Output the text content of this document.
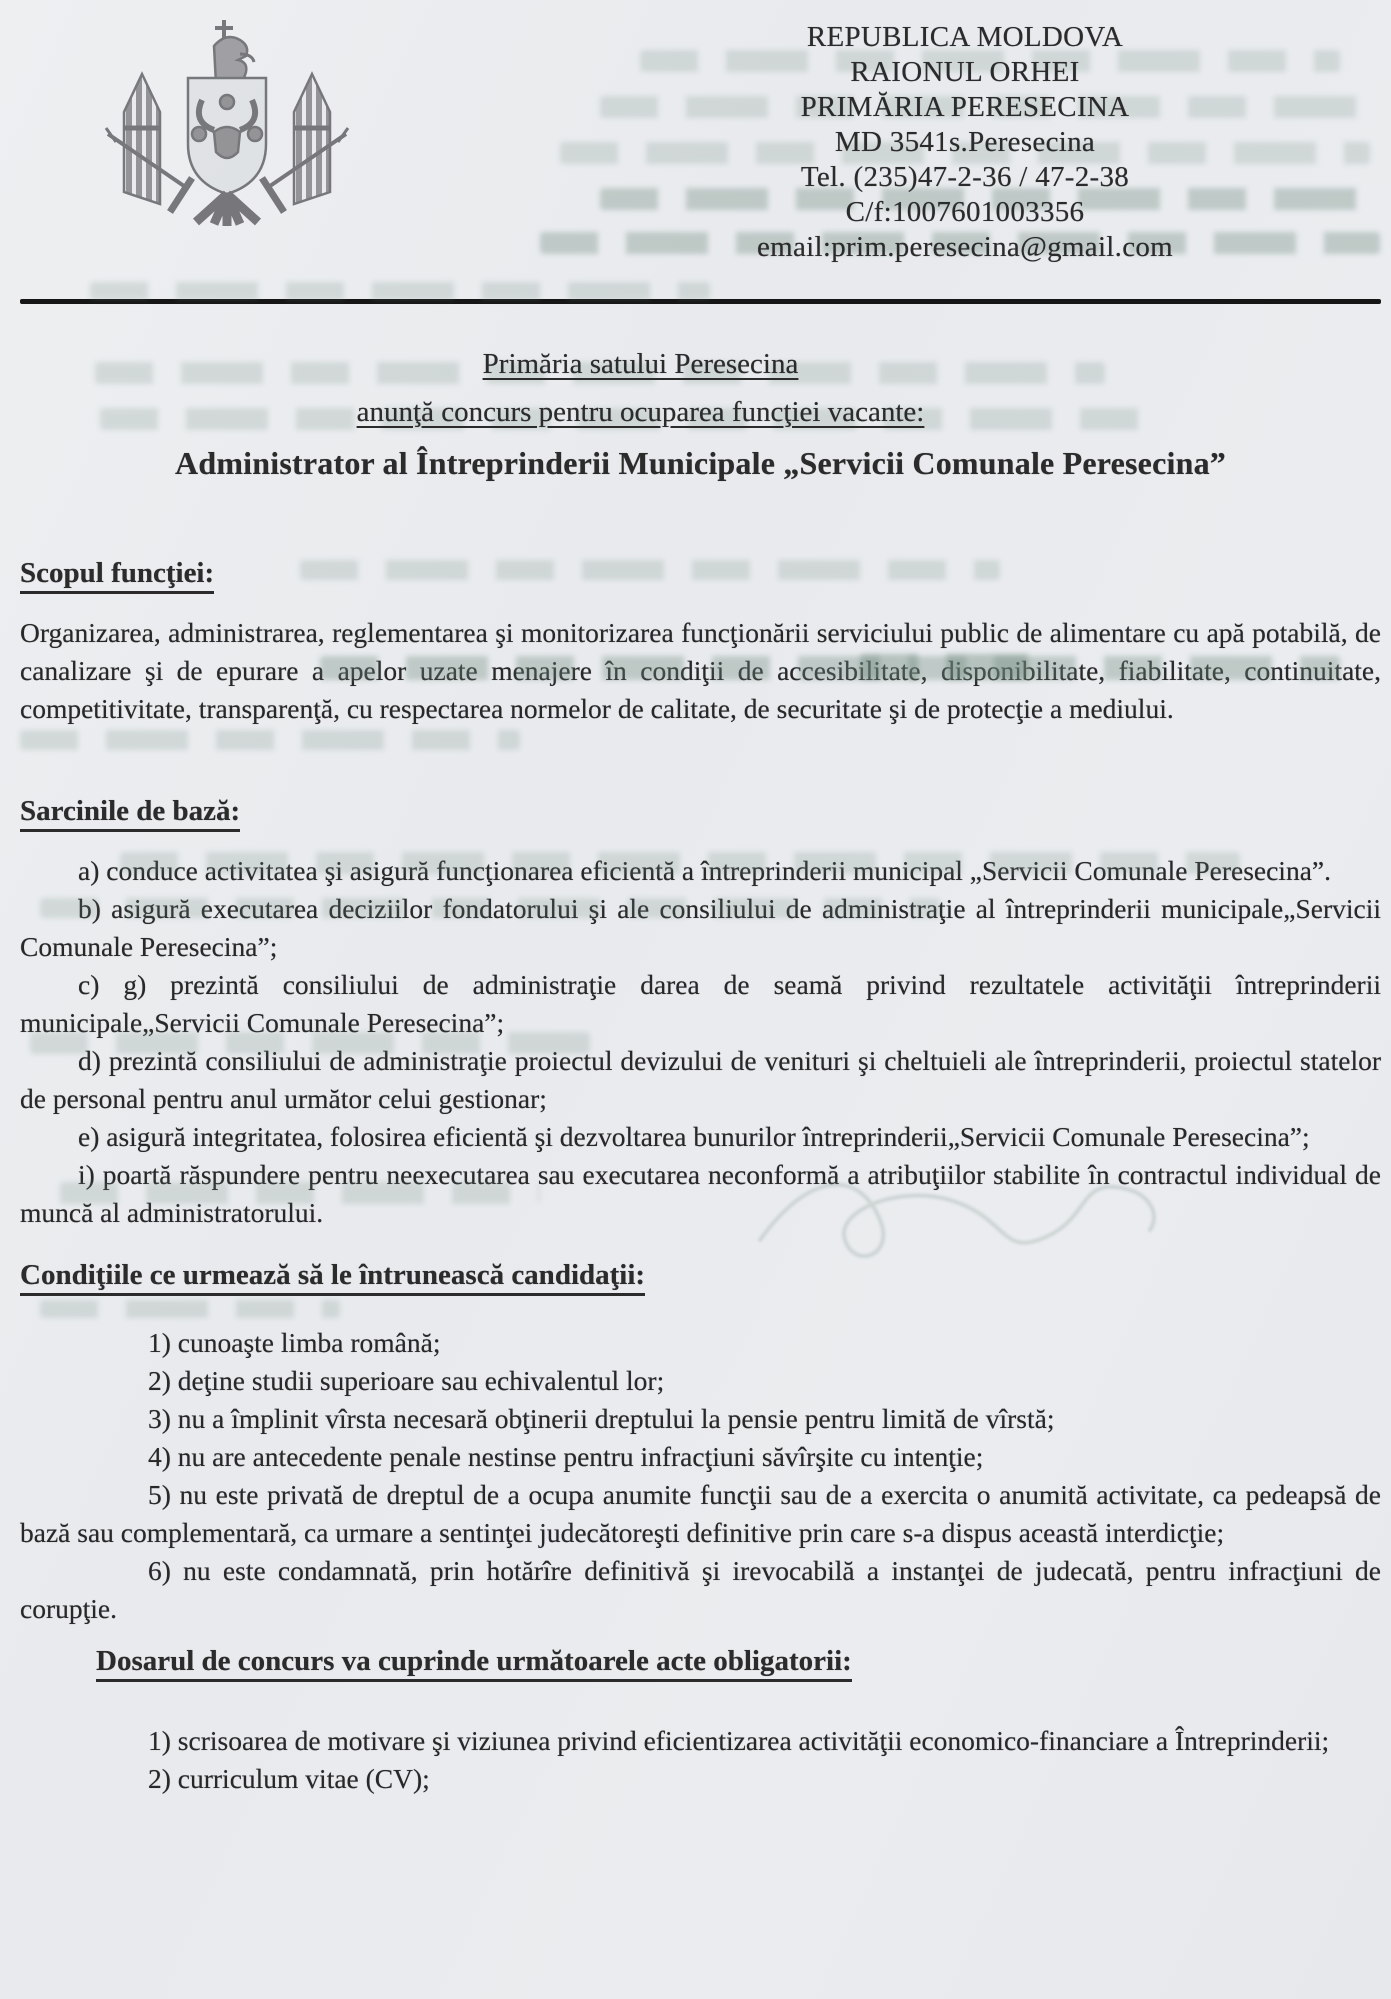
REPUBLICA MOLDOVA
RAIONUL ORHEI
PRIMĂRIA PERESECINA
MD 3541s.Peresecina
Tel. (235)47-2-36 / 47-2-38
C/f:1007601003356
email:prim.peresecina@gmail.com
Primăria satului Peresecina
anunţă concurs pentru ocuparea funcţiei vacante:
Administrator al Întreprinderii Municipale „Servicii Comunale Peresecina”
Scopul funcţiei:

Organizarea, administrarea, reglementarea şi monitorizarea funcţionării serviciului public de alimentare cu apă potabilă, de canalizare şi de epurare a apelor uzate menajere în condiţii de accesibilitate, disponibilitate, fiabilitate, continuitate, competitivitate, transparenţă, cu respectarea normelor de calitate, de securitate şi de protecţie a mediului.

Sarcinile de bază:

a) conduce activitatea şi asigură funcţionarea eficientă a întreprinderii municipal „Servicii Comunale Peresecina”.

b) asigură executarea deciziilor fondatorului şi ale consiliului de administraţie al întreprinderii municipale„Servicii Comunale Peresecina”;

c) g) prezintă consiliului de administraţie darea de seamă privind rezultatele activităţii întreprinderii municipale„Servicii Comunale Peresecina”;

d) prezintă consiliului de administraţie proiectul devizului de venituri şi cheltuieli ale întreprinderii, proiectul statelor de personal pentru anul următor celui gestionar;

e) asigură integritatea, folosirea eficientă şi dezvoltarea bunurilor întreprinderii„Servicii Comunale Peresecina”;

i) poartă răspundere pentru neexecutarea sau executarea neconformă a atribuţiilor stabilite în contractul individual de muncă al administratorului.

Condiţiile ce urmează să le întrunească candidaţii:

1) cunoaşte limba română;

2) deţine studii superioare sau echivalentul lor;

3) nu a împlinit vîrsta necesară obţinerii dreptului la pensie pentru limită de vîrstă;

4) nu are antecedente penale nestinse pentru infracţiuni săvîrşite cu intenţie;

5) nu este privată de dreptul de a ocupa anumite funcţii sau de a exercita o anumită activitate, ca pedeapsă de bază sau complementară, ca urmare a sentinţei judecătoreşti definitive prin care s-a dispus această interdicţie;

6) nu este condamnată, prin hotărîre definitivă şi irevocabilă a instanţei de judecată, pentru infracţiuni de corupţie.

Dosarul de concurs va cuprinde următoarele acte obligatorii:

1) scrisoarea de motivare şi viziunea privind eficientizarea activităţii economico-financiare a Întreprinderii;

2) curriculum vitae (CV);
